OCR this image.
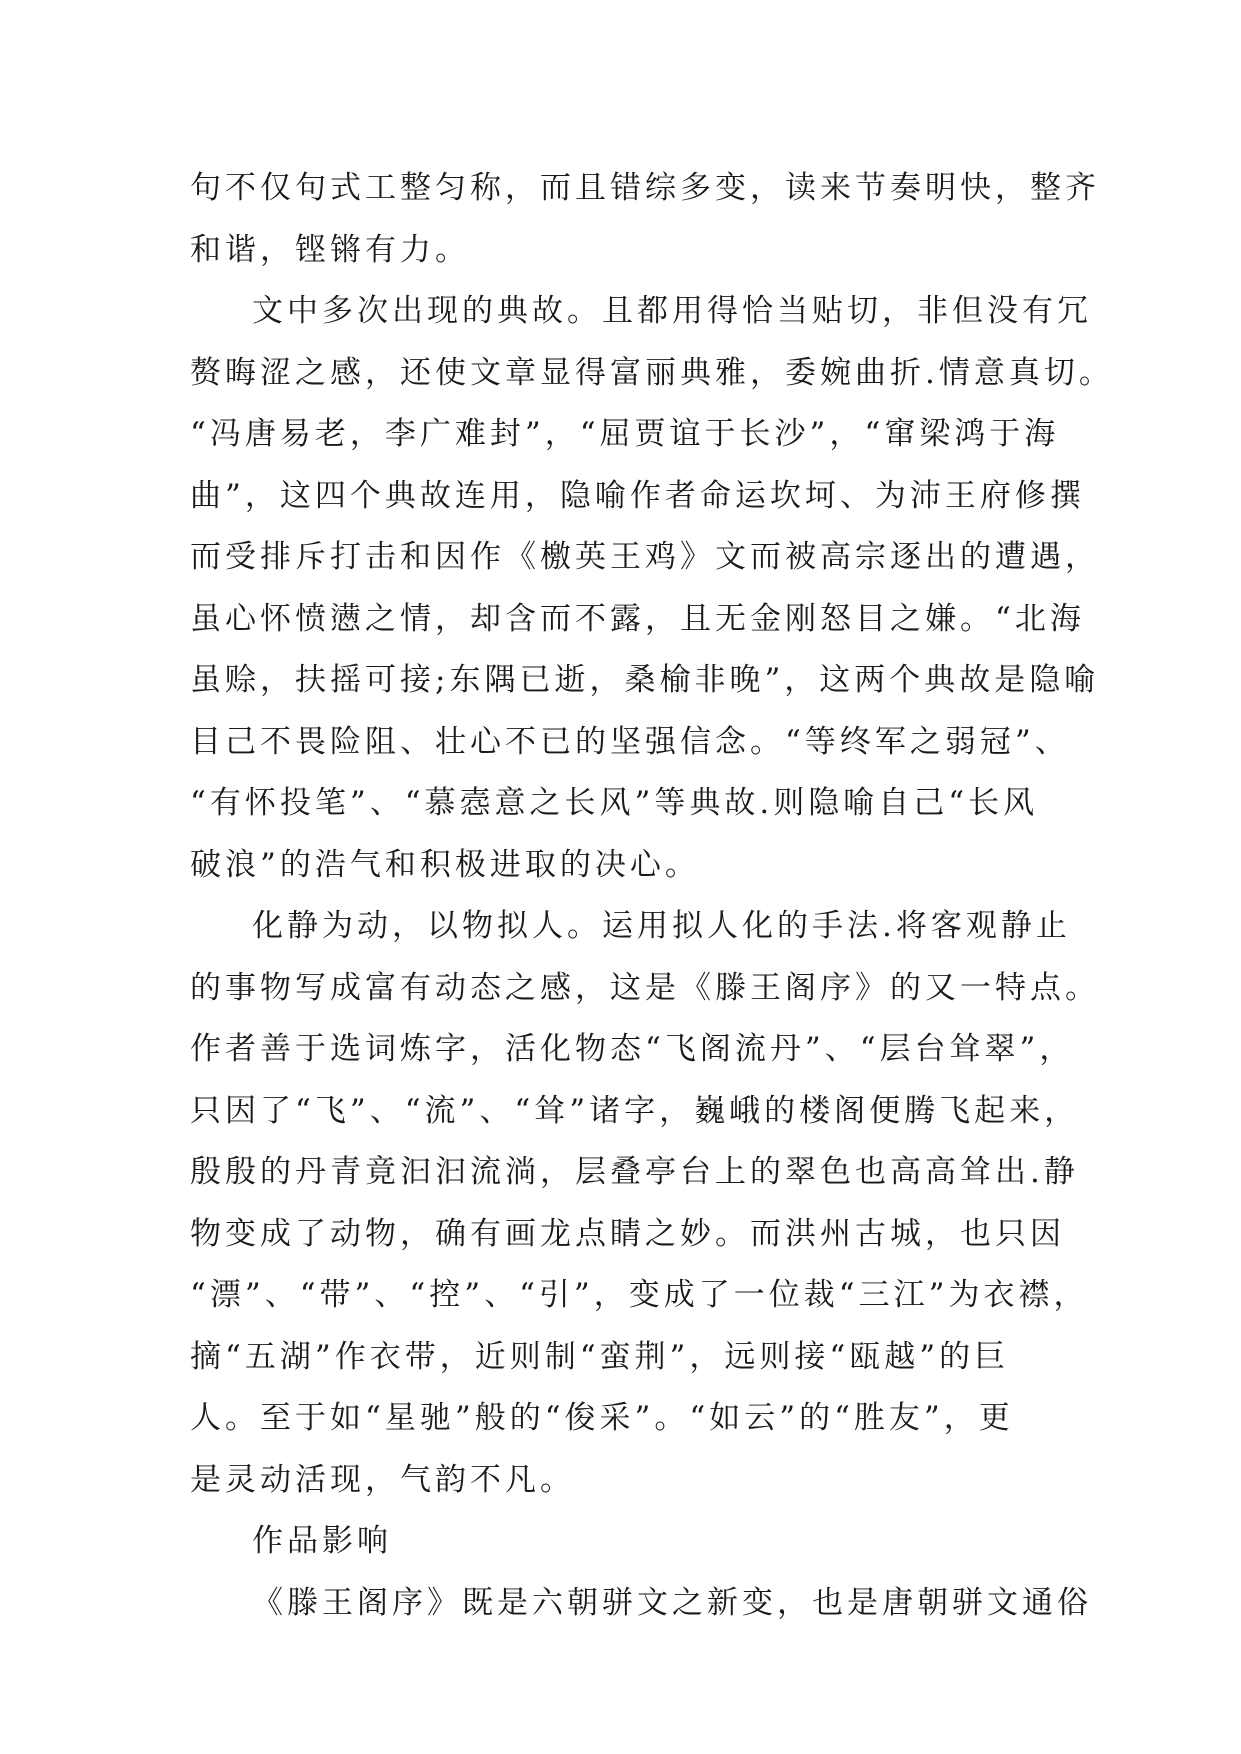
句不仅句式工整匀称，而且错综多变，读来节奏明快，整齐
和谐，铿锵有力。
文中多次出现的典故。且都用得恰当贴切，非但没有冗
赘晦涩之感，还使文章显得富丽典雅，委婉曲折.情意真切。
“冯唐易老，李广难封”，“屈贾谊于长沙”，“窜梁鸿于海
曲”，这四个典故连用，隐喻作者命运坎坷、为沛王府修撰
而受排斥打击和因作《檄英王鸡》文而被高宗逐出的遭遇，
虽心怀愤懑之情，却含而不露，且无金刚怒目之嫌。“北海
虽赊，扶摇可接;东隅已逝，桑榆非晚”，这两个典故是隐喻
目己不畏险阻、壮心不已的坚强信念。“等终军之弱冠”、
“有怀投笔”、“慕悫意之长风”等典故.则隐喻自己“长风
破浪”的浩气和积极进取的决心。
化静为动，以物拟人。运用拟人化的手法.将客观静止
的事物写成富有动态之感，这是《滕王阁序》的又一特点。
作者善于选词炼字，活化物态“飞阁流丹”、“层台耸翠”，
只因了“飞”、“流”、“耸”诸字，巍峨的楼阁便腾飞起来，
殷殷的丹青竟汩汩流淌，层叠亭台上的翠色也高高耸出.静
物变成了动物，确有画龙点睛之妙。而洪州古城，也只因
“漂”、“带”、“控”、“引”，变成了一位裁“三江”为衣襟，
摘“五湖”作衣带，近则制“蛮荆”，远则接“瓯越”的巨
人。至于如“星驰”般的“俊采”。“如云”的“胜友”，更
是灵动活现，气韵不凡。
作品影响
《滕王阁序》既是六朝骈文之新变，也是唐朝骈文通俗
